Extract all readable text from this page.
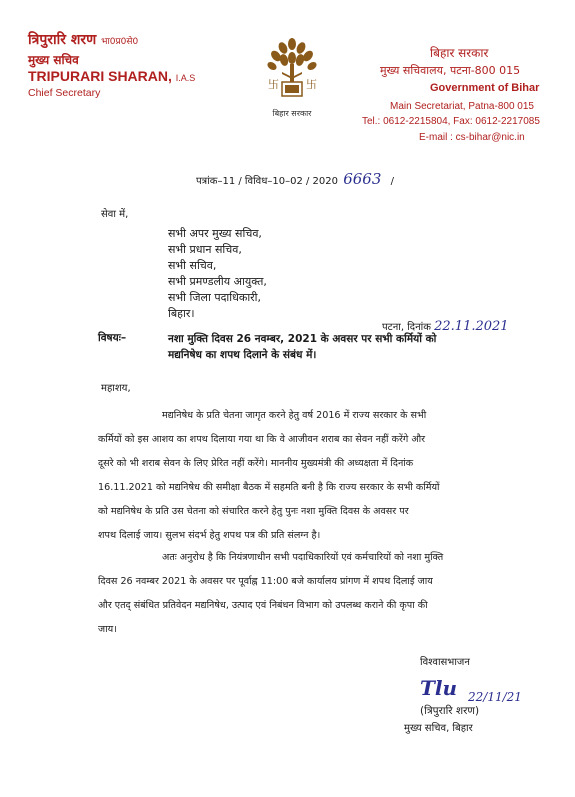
त्रिपुरारि शरण भा0प्र0से0
मुख्य सचिव
TRIPURARI SHARAN, I.A.S
Chief Secretary
卐 卐
बिहार सरकार
बिहार सरकार
मुख्य सचिवालय, पटना-800 015
Government of Bihar
Main Secretariat, Patna-800 015
Tel.: 0612-2215804, Fax: 0612-2217085
E-mail : cs-bihar@nic.in
पत्रांक–11 / विविध–10–02 / 2020 6663 /
सेवा में,
सभी अपर मुख्य सचिव,
सभी प्रधान सचिव,
सभी सचिव,
सभी प्रमण्डलीय आयुक्त,
सभी जिला पदाधिकारी,
बिहार।
पटना, दिनांक 22.11.2021
विषयः–	नशा मुक्ति दिवस 26 नवम्बर, 2021 के अवसर पर सभी कर्मियों को
मद्यनिषेध का शपथ दिलाने के संबंध में।
महाशय,
मद्यनिषेध के प्रति चेतना जागृत करने हेतु वर्ष 2016 में राज्य सरकार के सभी
कर्मियों को इस आशय का शपथ दिलाया गया था कि वे आजीवन शराब का सेवन नहीं करेंगे और
दूसरे को भी शराब सेवन के लिए प्रेरित नहीं करेंगे। माननीय मुख्यमंत्री की अध्यक्षता में दिनांक
16.11.2021 को मद्यनिषेध की समीक्षा बैठक में सहमति बनी है कि राज्य सरकार के सभी कर्मियों
को मद्यनिषेध के प्रति उस चेतना को संचारित करने हेतु पुनः नशा मुक्ति दिवस के अवसर पर
शपथ दिलाई जाय। सुलभ संदर्भ हेतु शपथ पत्र की प्रति संलग्न है।
अतः अनुरोध है कि नियंत्रणाधीन सभी पदाधिकारियों एवं कर्मचारियों को नशा मुक्ति
दिवस 26 नवम्बर 2021 के अवसर पर पूर्वाह्न 11:00 बजे कार्यालय प्रांगण में शपथ दिलाई जाय
और एतद् संबंधित प्रतिवेदन मद्यनिषेध, उत्पाद एवं निबंधन विभाग को उपलब्ध कराने की कृपा की
जाय।
विश्वासभाजन
Tlu 22/11/21
(त्रिपुरारि शरण)
मुख्य सचिव, बिहार
